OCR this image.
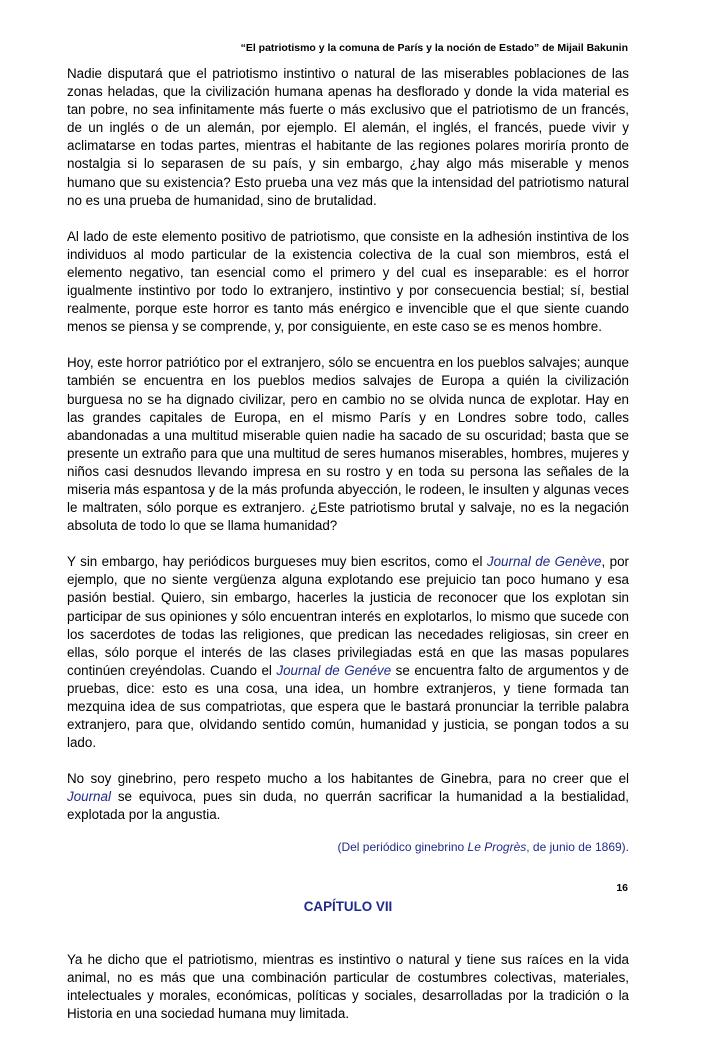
“El patriotismo y la comuna de París y la noción de Estado” de Mijail Bakunin

Nadie disputará que el patriotismo instintivo o natural de las miserables poblaciones de las zonas heladas, que la civilización humana apenas ha desflorado y donde la vida material es tan pobre, no sea infinitamente más fuerte o más exclusivo que el patriotismo de un francés, de un inglés o de un alemán, por ejemplo. El alemán, el inglés, el francés, puede vivir y aclimatarse en todas partes, mientras el habitante de las regiones polares moriría pronto de nostalgia si lo separasen de su país, y sin embargo, ¿hay algo más miserable y menos humano que su existencia? Esto prueba una vez más que la intensidad del patriotismo natural no es una prueba de humanidad, sino de brutalidad.

Al lado de este elemento positivo de patriotismo, que consiste en la adhesión instintiva de los individuos al modo particular de la existencia colectiva de la cual son miembros, está el elemento negativo, tan esencial como el primero y del cual es inseparable: es el horror igualmente instintivo por todo lo extranjero, instintivo y por consecuencia bestial; sí, bestial realmente, porque este horror es tanto más enérgico e invencible que el que siente cuando menos se piensa y se comprende, y, por consiguiente, en este caso se es menos hombre.

Hoy, este horror patriótico por el extranjero, sólo se encuentra en los pueblos salvajes; aunque también se encuentra en los pueblos medios salvajes de Europa a quién la civilización burguesa no se ha dignado civilizar, pero en cambio no se olvida nunca de explotar. Hay en las grandes capitales de Europa, en el mismo París y en Londres sobre todo, calles abandonadas a una multitud miserable quien nadie ha sacado de su oscuridad; basta que se presente un extraño para que una multitud de seres humanos miserables, hombres, mujeres y niños casi desnudos llevando impresa en su rostro y en toda su persona las señales de la miseria más espantosa y de la más profunda abyección, le rodeen, le insulten y algunas veces le maltraten, sólo porque es extranjero. ¿Este patriotismo brutal y salvaje, no es la negación absoluta de todo lo que se llama humanidad?

Y sin embargo, hay periódicos burgueses muy bien escritos, como el Journal de Genève, por ejemplo, que no siente vergüenza alguna explotando ese prejuicio tan poco humano y esa pasión bestial. Quiero, sin embargo, hacerles la justicia de reconocer que los explotan sin participar de sus opiniones y sólo encuentran interés en explotarlos, lo mismo que sucede con los sacerdotes de todas las religiones, que predican las necedades religiosas, sin creer en ellas, sólo porque el interés de las clases privilegiadas está en que las masas populares continúen creyéndolas. Cuando el Journal de Genéve se encuentra falto de argumentos y de pruebas, dice: esto es una cosa, una idea, un hombre extranjeros, y tiene formada tan mezquina idea de sus compatriotas, que espera que le bastará pronunciar la terrible palabra extranjero, para que, olvidando sentido común, humanidad y justicia, se pongan todos a su lado.

No soy ginebrino, pero respeto mucho a los habitantes de Ginebra, para no creer que el Journal se equivoca, pues sin duda, no querrán sacrificar la humanidad a la bestialidad, explotada por la angustia.

(Del periódico ginebrino Le Progrès, de junio de 1869).

CAPÍTULO VII

Ya he dicho que el patriotismo, mientras es instintivo o natural y tiene sus raíces en la vida animal, no es más que una combinación particular de costumbres colectivas, materiales, intelectuales y morales, económicas, políticas y sociales, desarrolladas por la tradición o la Historia en una sociedad humana muy limitada.

16
